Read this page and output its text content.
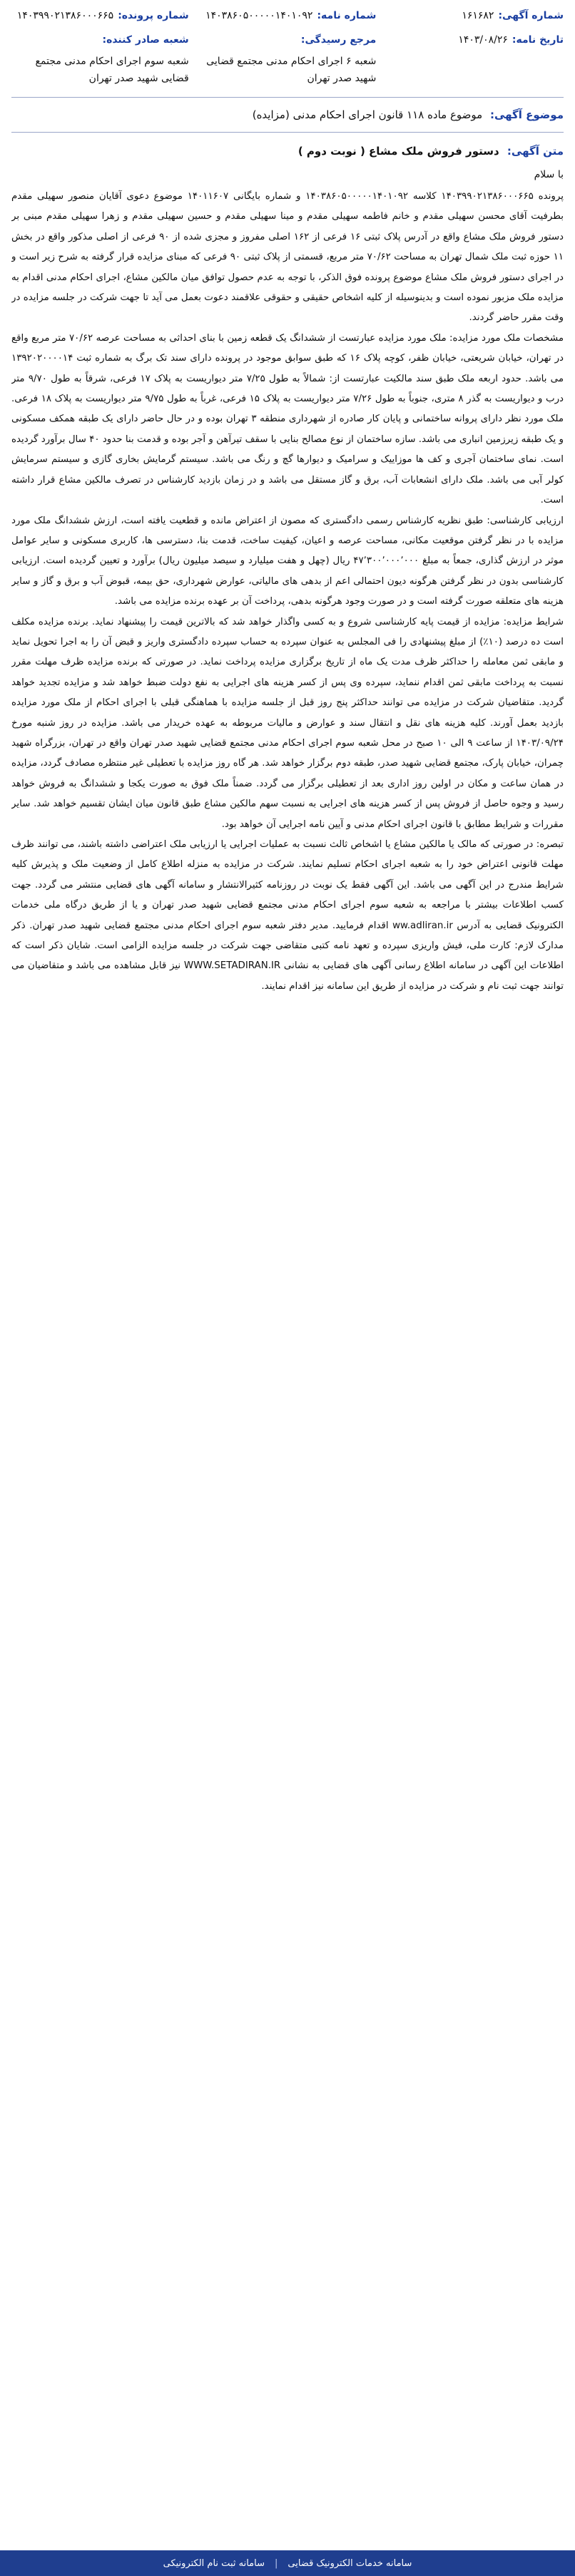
شماره آگهی:
۱۶۱۶۸۲
شماره نامه:
۱۴۰۳۸۶۰۵۰۰۰۰۰۱۴۰۱۰۹۲
شماره پرونده:
۱۴۰۳۹۹۰۲۱۳۸۶۰۰۰۶۶۵
تاریخ نامه:
۱۴۰۳/۰۸/۲۶
مرجع رسیدگی:
شعبه ۶ اجرای احکام مدنی مجتمع قضایی شهید صدر تهران
شعبه صادر کننده:
شعبه سوم اجرای احکام مدنی مجتمع قضایی شهید صدر تهران
موضوع آگهی: موضوع ماده ۱۱۸ قانون اجرای احکام مدنی (مزایده)
متن آگهی: دستور فروش ملک مشاع ( نوبت دوم )
با سلام

پرونده ۱۴۰۳۹۹۰۲۱۳۸۶۰۰۰۶۶۵ کلاسه ۱۴۰۳۸۶۰۵۰۰۰۰۰۱۴۰۱۰۹۲ و شماره بایگانی ۱۴۰۱۱۶۰۷ موضوع دعوی آقایان منصور سهیلی مقدم بطرفیت آقای محسن سهیلی مقدم و خانم فاطمه سهیلی مقدم و مینا سهیلی مقدم و حسین سهیلی مقدم و زهرا سهیلی مقدم مبنی بر دستور فروش ملک مشاع واقع در آدرس پلاک ثبتی ۱۶ فرعی از ۱۶۲ اصلی مفروز و مجزی شده از ۹۰ فرعی از اصلی مذکور واقع در بخش ۱۱ حوزه ثبت ملک شمال تهران به مساحت ۷۰/۶۲ متر مربع، قسمتی از پلاک ثبتی ۹۰ فرعی که مبنای مزایده قرار گرفته به شرح زیر است و در اجرای دستور فروش ملک مشاع موضوع پرونده فوق الذکر، با توجه به عدم حصول توافق میان مالکین مشاع، اجرای احکام مدنی اقدام به مزایده ملک مزبور نموده است و بدینوسیله از کلیه اشخاص حقیقی و حقوقی علاقمند دعوت بعمل می آید تا جهت شرکت در جلسه مزایده در وقت مقرر حاضر گردند.

مشخصات ملک مورد مزایده: ملک مورد مزایده عبارتست از ششدانگ یک قطعه زمین با بنای احداثی به مساحت عرصه ۷۰/۶۲ متر مربع واقع در تهران، خیابان شریعتی، خیابان ظفر، کوچه پلاک ۱۶ که طبق سوابق موجود در پرونده دارای سند تک برگ به شماره ثبت ۱۳۹۲۰۲۰۰۰۰۱۴ می باشد. حدود اربعه ملک طبق سند مالکیت عبارتست از: شمالاً به طول ۷/۲۵ متر دیواریست به پلاک ۱۷ فرعی، شرقاً به طول ۹/۷۰ متر درب و دیواریست به گذر ۸ متری، جنوباً به طول ۷/۲۶ متر دیواریست به پلاک ۱۵ فرعی، غرباً به طول ۹/۷۵ متر دیواریست به پلاک ۱۸ فرعی. ملک مورد نظر دارای پروانه ساختمانی و پایان کار صادره از شهرداری منطقه ۳ تهران بوده و در حال حاضر دارای یک طبقه همکف مسکونی و یک طبقه زیرزمین انباری می باشد. سازه ساختمان از نوع مصالح بنایی با سقف تیرآهن و آجر بوده و قدمت بنا حدود ۴۰ سال برآورد گردیده است. نمای ساختمان آجری و کف ها موزاییک و سرامیک و دیوارها گچ و رنگ می باشد. سیستم گرمایش بخاری گازی و سیستم سرمایش کولر آبی می باشد. ملک دارای انشعابات آب، برق و گاز مستقل می باشد و در زمان بازدید کارشناس در تصرف مالکین مشاع قرار داشته است.

ارزیابی کارشناسی: طبق نظریه کارشناس رسمی دادگستری که مصون از اعتراض مانده و قطعیت یافته است، ارزش ششدانگ ملک مورد مزایده با در نظر گرفتن موقعیت مکانی، مساحت عرصه و اعیان، کیفیت ساخت، قدمت بنا، دسترسی ها، کاربری مسکونی و سایر عوامل موثر در ارزش گذاری، جمعاً به مبلغ ۴۷٬۳۰۰٬۰۰۰٬۰۰۰ ریال (چهل و هفت میلیارد و سیصد میلیون ریال) برآورد و تعیین گردیده است. ارزیابی کارشناسی بدون در نظر گرفتن هرگونه دیون احتمالی اعم از بدهی های مالیاتی، عوارض شهرداری، حق بیمه، قبوض آب و برق و گاز و سایر هزینه های متعلقه صورت گرفته است و در صورت وجود هرگونه بدهی، پرداخت آن بر عهده برنده مزایده می باشد.

شرایط مزایده: مزایده از قیمت پایه کارشناسی شروع و به کسی واگذار خواهد شد که بالاترین قیمت را پیشنهاد نماید. برنده مزایده مکلف است ده درصد (۱۰٪) از مبلغ پیشنهادی را فی المجلس به عنوان سپرده به حساب سپرده دادگستری واریز و قبض آن را به اجرا تحویل نماید و مابقی ثمن معامله را حداکثر ظرف مدت یک ماه از تاریخ برگزاری مزایده پرداخت نماید. در صورتی که برنده مزایده ظرف مهلت مقرر نسبت به پرداخت مابقی ثمن اقدام ننماید، سپرده وی پس از کسر هزینه های اجرایی به نفع دولت ضبط خواهد شد و مزایده تجدید خواهد گردید. متقاضیان شرکت در مزایده می توانند حداکثر پنج روز قبل از جلسه مزایده با هماهنگی قبلی با اجرای احکام از ملک مورد مزایده بازدید بعمل آورند. کلیه هزینه های نقل و انتقال سند و عوارض و مالیات مربوطه به عهده خریدار می باشد. مزایده در روز شنبه مورخ ۱۴۰۳/۰۹/۲۴ از ساعت ۹ الی ۱۰ صبح در محل شعبه سوم اجرای احکام مدنی مجتمع قضایی شهید صدر تهران واقع در تهران، بزرگراه شهید چمران، خیابان پارک، مجتمع قضایی شهید صدر، طبقه دوم برگزار خواهد شد. هر گاه روز مزایده با تعطیلی غیر منتظره مصادف گردد، مزایده در همان ساعت و مکان در اولین روز اداری بعد از تعطیلی برگزار می گردد. ضمناً ملک فوق به صورت یکجا و ششدانگ به فروش خواهد رسید و وجوه حاصل از فروش پس از کسر هزینه های اجرایی به نسبت سهم مالکین مشاع طبق قانون میان ایشان تقسیم خواهد شد. سایر مقررات و شرایط مطابق با قانون اجرای احکام مدنی و آیین نامه اجرایی آن خواهد بود.

تبصره: در صورتی که مالک یا مالکین مشاع یا اشخاص ثالث نسبت به عملیات اجرایی یا ارزیابی ملک اعتراضی داشته باشند، می توانند ظرف مهلت قانونی اعتراض خود را به شعبه اجرای احکام تسلیم نمایند. شرکت در مزایده به منزله اطلاع کامل از وضعیت ملک و پذیرش کلیه شرایط مندرج در این آگهی می باشد. این آگهی فقط یک نوبت در روزنامه کثیرالانتشار و سامانه آگهی های قضایی منتشر می گردد. جهت کسب اطلاعات بیشتر با مراجعه به شعبه سوم اجرای احکام مدنی مجتمع قضایی شهید صدر تهران و یا از طریق درگاه ملی خدمات الکترونیک قضایی به آدرس ww.adliran.ir اقدام فرمایید. مدیر دفتر شعبه سوم اجرای احکام مدنی مجتمع قضایی شهید صدر تهران. ذکر مدارک لازم: کارت ملی، فیش واریزی سپرده و تعهد نامه کتبی متقاضی جهت شرکت در جلسه مزایده الزامی است. شایان ذکر است که اطلاعات این آگهی در سامانه اطلاع رسانی آگهی های قضایی به نشانی WWW.SETADIRAN.IR نیز قابل مشاهده می باشد و متقاضیان می توانند جهت ثبت نام و شرکت در مزایده از طریق این سامانه نیز اقدام نمایند.

سامانه خدمات الکترونیک قضایی
|
سامانه ثبت نام الکترونیکی
